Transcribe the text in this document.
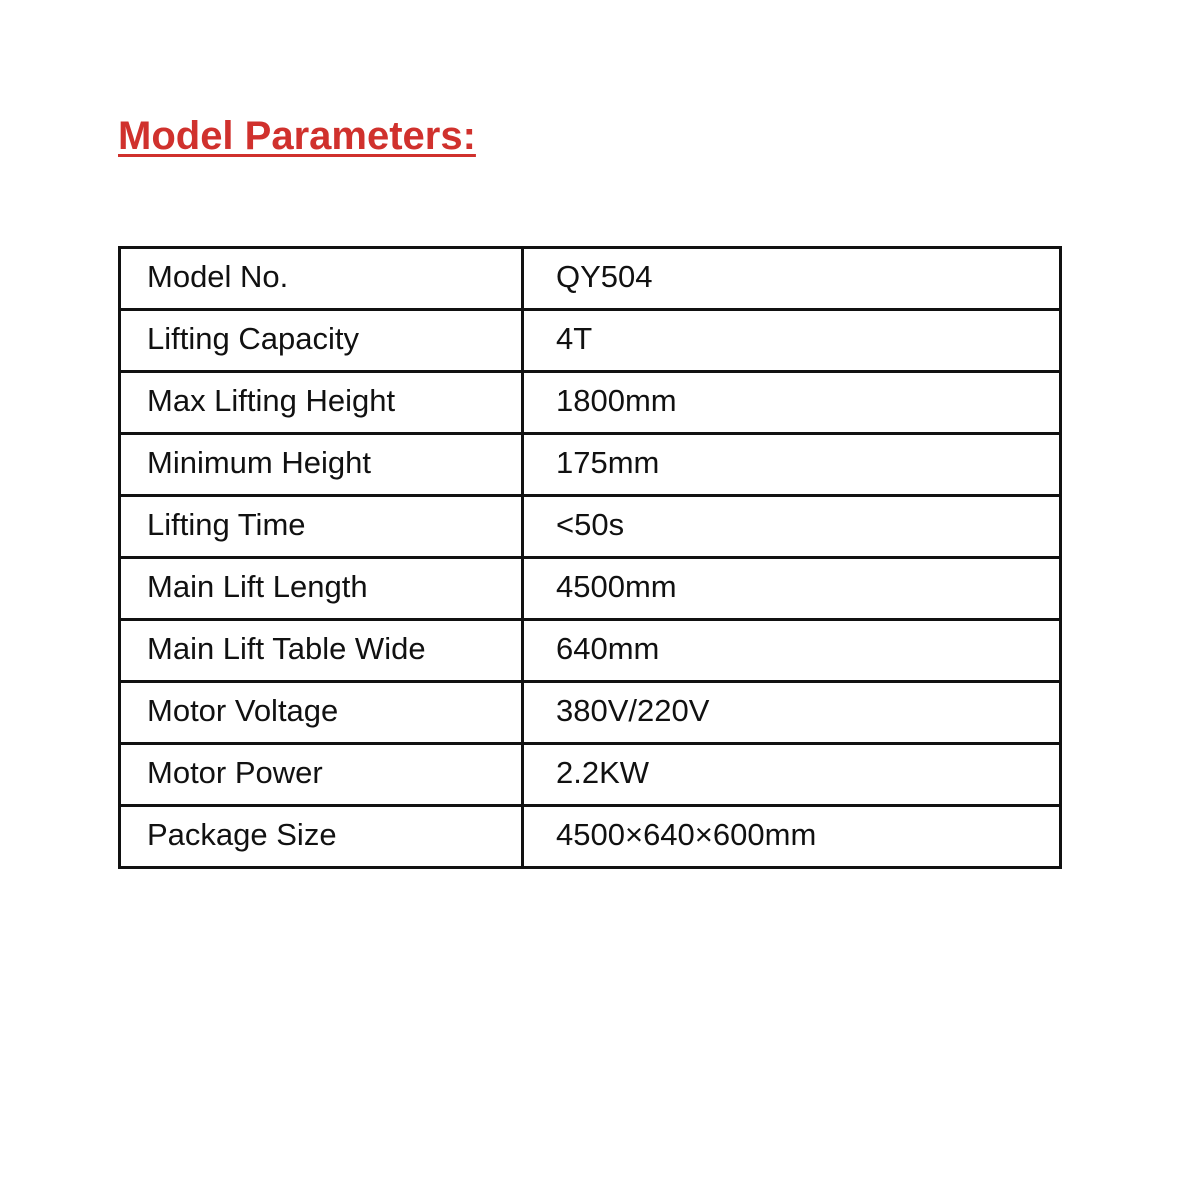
Model Parameters:
Model No.	QY504
Lifting Capacity	4T
Max Lifting Height	1800mm
Minimum Height	175mm
Lifting Time	<50s
Main Lift Length	4500mm
Main Lift Table Wide	640mm
Motor Voltage	380V/220V
Motor Power	2.2KW
Package Size	4500×640×600mm
